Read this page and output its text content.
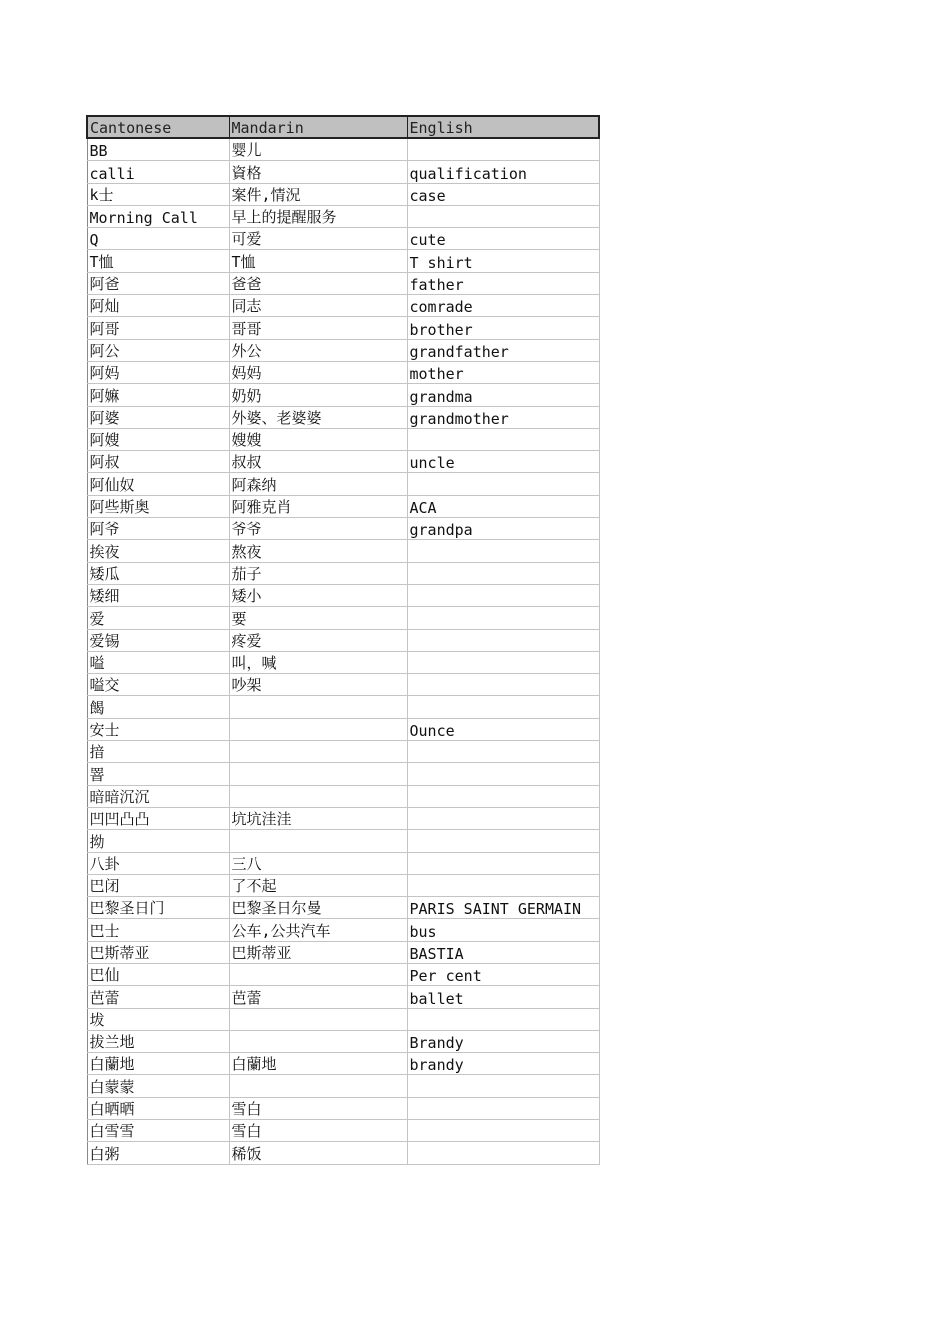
Cantonese	Mandarin	English
BB	婴儿	
calli	資格	qualification
k士	案件,情況	case
Morning Call	早上的提醒服务	
Q	可爱	cute
T恤	T恤	T shirt
阿爸	爸爸	father
阿灿	同志	comrade
阿哥	哥哥	brother
阿公	外公	grandfather
阿妈	妈妈	mother
阿嫲	奶奶	grandma
阿婆	外婆、老婆婆	grandmother
阿嫂	嫂嫂	
阿叔	叔叔	uncle
阿仙奴	阿森纳	
阿些斯奥	阿雅克肖	ACA
阿爷	爷爷	grandpa
挨夜	熬夜	
矮瓜	茄子	
矮细	矮小	
爱	要	
爱锡	疼爱	
嗌	叫，喊	
嗌交	吵架	
餲		
安士		Ounce
揞		
罯		
暗暗沉沉		
凹凹凸凸	坑坑洼洼	
拗		
八卦	三八	
巴闭	了不起	
巴黎圣日门	巴黎圣日尔曼	PARIS SAINT GERMAIN
巴士	公车,公共汽车	bus
巴斯蒂亚	巴斯蒂亚	BASTIA
巴仙		Per cent
芭蕾	芭蕾	ballet
坺		
拔兰地		Brandy
白蘭地	白蘭地	brandy
白蒙蒙		
白晒晒	雪白	
白雪雪	雪白	
白粥	稀饭	
